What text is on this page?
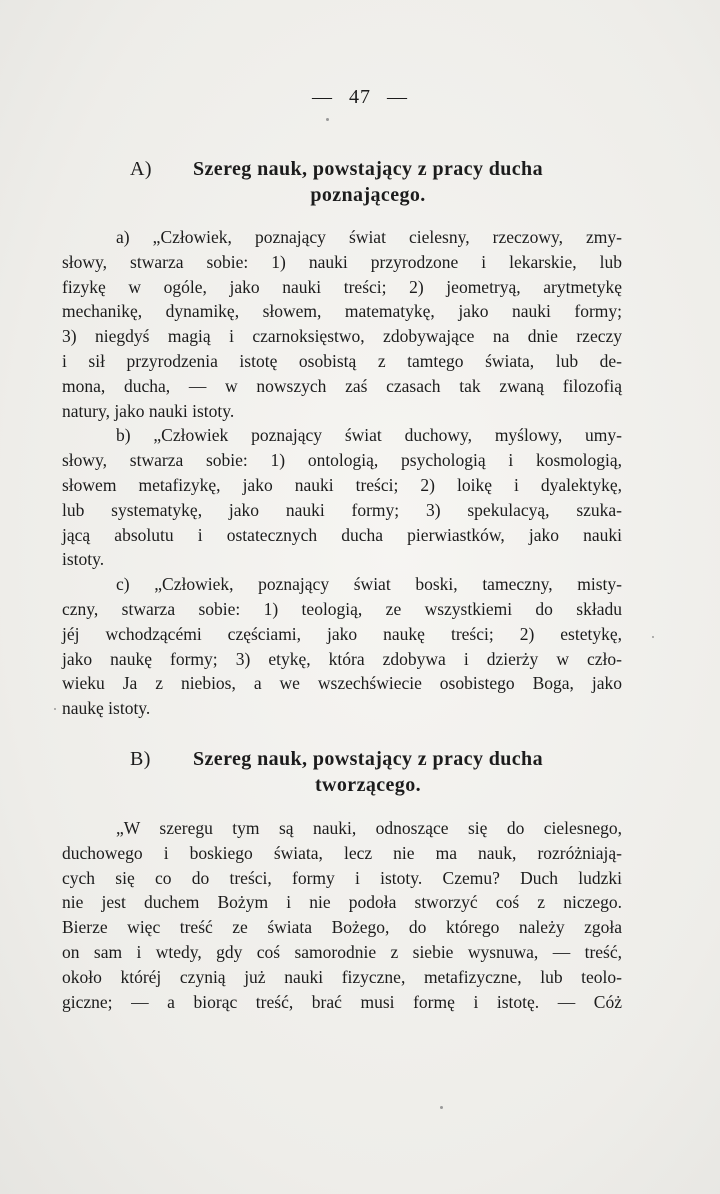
— 47 —
A)	Szereg nauk, powstający z pracy ducha
poznającego.
a) „Człowiek, poznający świat cielesny, rzeczowy, zmy-
słowy, stwarza sobie: 1) nauki przyrodzone i lekarskie, lub
fizykę w ogóle, jako nauki treści; 2) jeometryą, arytmetykę
mechanikę, dynamikę, słowem, matematykę, jako nauki formy;
3) niegdyś magią i czarnoksięstwo, zdobywające na dnie rzeczy
i sił przyrodzenia istotę osobistą z tamtego świata, lub de-
mona, ducha, — w nowszych zaś czasach tak zwaną filozofią
natury, jako nauki istoty.
b) „Człowiek poznający świat duchowy, myślowy, umy-
słowy, stwarza sobie: 1) ontologią, psychologią i kosmologią,
słowem metafizykę, jako nauki treści; 2) loikę i dyalektykę,
lub systematykę, jako nauki formy; 3) spekulacyą, szuka-
jącą absolutu i ostatecznych ducha pierwiastków, jako nauki
istoty.
c) „Człowiek, poznający świat boski, tameczny, misty-
czny, stwarza sobie: 1) teologią, ze wszystkiemi do składu
jéj wchodzącémi częściami, jako naukę treści; 2) estetykę,
jako naukę formy; 3) etykę, która zdobywa i dzierży w czło-
wieku Ja z niebios, a we wszechświecie osobistego Boga, jako
naukę istoty.
B)	Szereg nauk, powstający z pracy ducha
tworzącego.
„W szeregu tym są nauki, odnoszące się do cielesnego,
duchowego i boskiego świata, lecz nie ma nauk, rozróżniają-
cych się co do treści, formy i istoty. Czemu? Duch ludzki
nie jest duchem Bożym i nie podoła stworzyć coś z niczego.
Bierze więc treść ze świata Bożego, do którego należy zgoła
on sam i wtedy, gdy coś samorodnie z siebie wysnuwa, — treść,
około któréj czynią już nauki fizyczne, metafizyczne, lub teolo-
giczne; — a biorąc treść, brać musi formę i istotę. — Cóż
